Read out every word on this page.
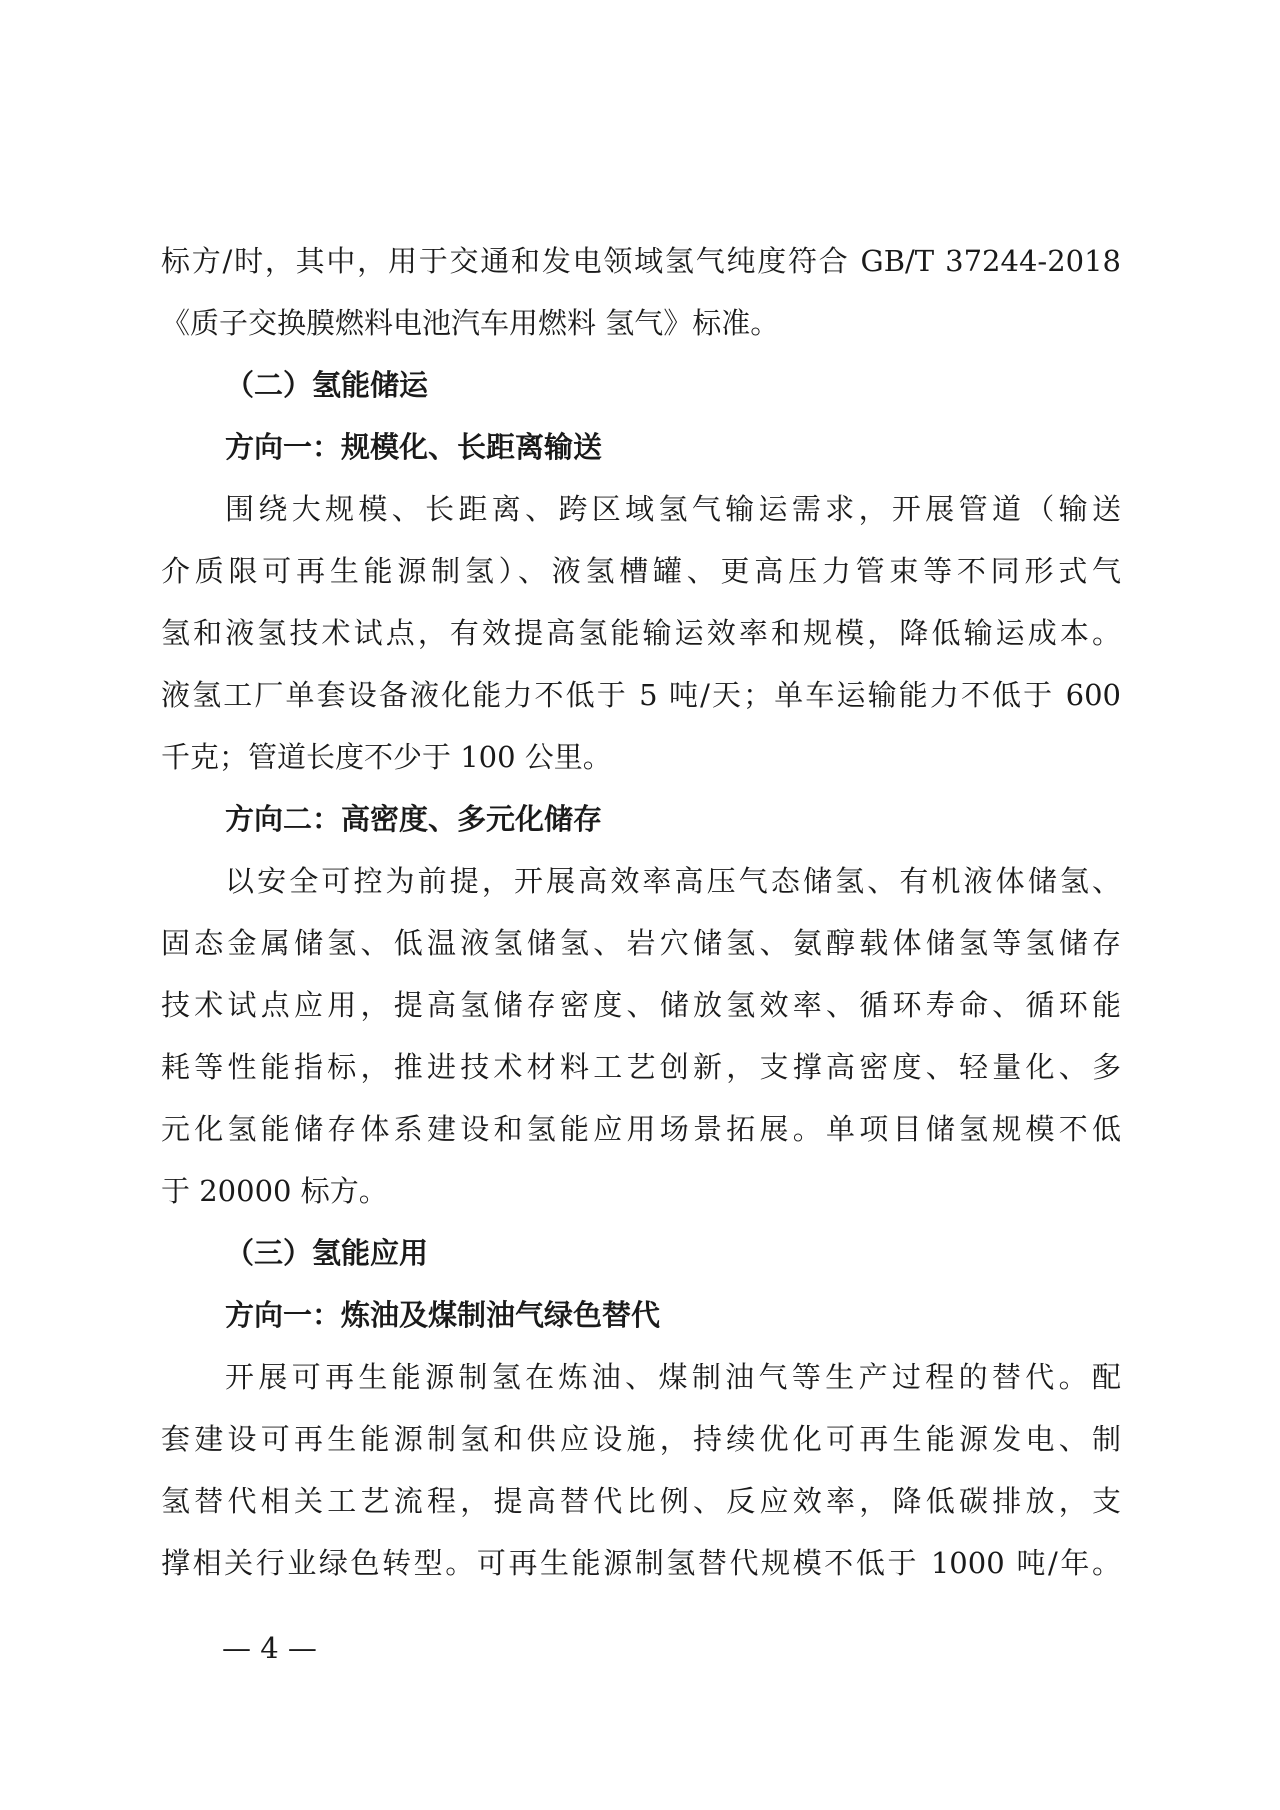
标方/时，其中，用于交通和发电领域氢气纯度符合 GB/T 37244-2018
《质子交换膜燃料电池汽车用燃料 氢气》标准。
（二）氢能储运
方向一：规模化、长距离输送
围绕大规模、长距离、跨区域氢气输运需求，开展管道（输送
介质限可再生能源制氢）、液氢槽罐、更高压力管束等不同形式气
氢和液氢技术试点，有效提高氢能输运效率和规模，降低输运成本。
液氢工厂单套设备液化能力不低于 5 吨/天；单车运输能力不低于 600
千克；管道长度不少于 100 公里。
方向二：高密度、多元化储存
以安全可控为前提，开展高效率高压气态储氢、有机液体储氢、
固态金属储氢、低温液氢储氢、岩穴储氢、氨醇载体储氢等氢储存
技术试点应用，提高氢储存密度、储放氢效率、循环寿命、循环能
耗等性能指标，推进技术材料工艺创新，支撑高密度、轻量化、多
元化氢能储存体系建设和氢能应用场景拓展。单项目储氢规模不低
于 20000 标方。
（三）氢能应用
方向一：炼油及煤制油气绿色替代
开展可再生能源制氢在炼油、煤制油气等生产过程的替代。配
套建设可再生能源制氢和供应设施，持续优化可再生能源发电、制
氢替代相关工艺流程，提高替代比例、反应效率，降低碳排放，支
撑相关行业绿色转型。可再生能源制氢替代规模不低于 1000 吨/年。
— 4 —
